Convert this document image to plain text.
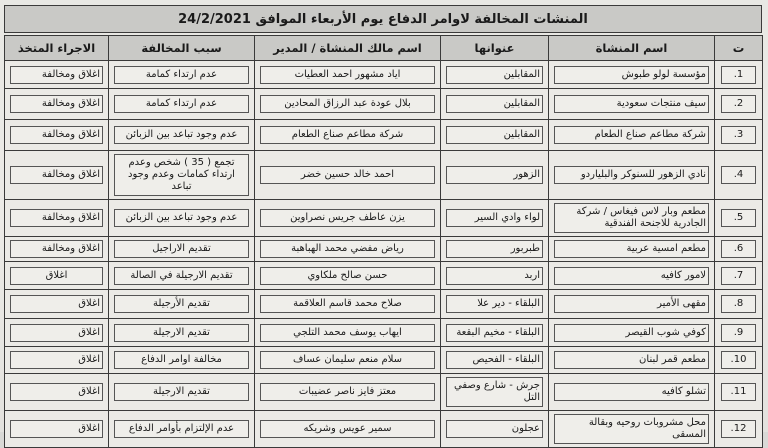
المنشات المخالفة لاوامر الدفاع يوم الأربعاء الموافق 24/2/2021
ت	اسم المنشاة	عنوانها	اسم مالك المنشاة / المدير	سبب المخالفة	الاجراء المتخذ

1.	مؤسسة لولو طبوش	المقابلين	اياد مشهور احمد العطيات	عدم ارتداء كمامة	اغلاق ومخالفة

2.	سيف منتجات سعودية	المقابلين	بلال عودة عبد الرزاق المحادين	عدم ارتداء كمامة	اغلاق ومخالفة

3.	شركة مطاعم صناع الطعام	المقابلين	شركة مطاعم صناع الطعام	عدم وجود تباعد بين الزبائن	اغلاق ومخالفة

4.	نادي الزهور للسنوكر والبلياردو	الزهور	احمد خالد حسين خضر	تجمع ( 35 ) شخص وعدم ارتداء كمامات وعدم وجود تباعد	اغلاق ومخالفة

5.	مطعم وبار لاس فيغاس / شركة الجادرية للاجنحة الفندقية	لواء وادي السير	يزن عاطف جريس نصراوين	عدم وجود تباعد بين الزبائن	اغلاق ومخالفة

6.	مطعم امسية عربية	طبربور	رياض مفضي محمد الهباهبة	تقديم الاراجيل	اغلاق ومخالفة

7.	لامور كافيه	اربد	حسن صالح ملكاوي	تقديم الارجيلة في الصالة	اغلاق

8.	مقهى الأمير	البلقاء - دير علا	صلاح محمد قاسم العلاقمة	تقديم الأرجيلة	اغلاق

9.	كوفي شوب القيصر	البلقاء - مخيم البقعة	ايهاب يوسف محمد التلجي	تقديم الارجيلة	اغلاق

10.	مطعم قمر لبنان	البلقاء - الفحيص	سلام منعم سليمان عساف	مخالفة اوامر الدفاع	اغلاق

11.	تشلو كافيه	جرش - شارع وصفي التل	معتز فايز ناصر عضيبات	تقديم الارجيلة	اغلاق

12.	محل مشروبات روحيه وبقالة المسقى	عجلون	سمير عويس وشريكه	عدم الإلتزام بأوامر الدفاع	اغلاق
